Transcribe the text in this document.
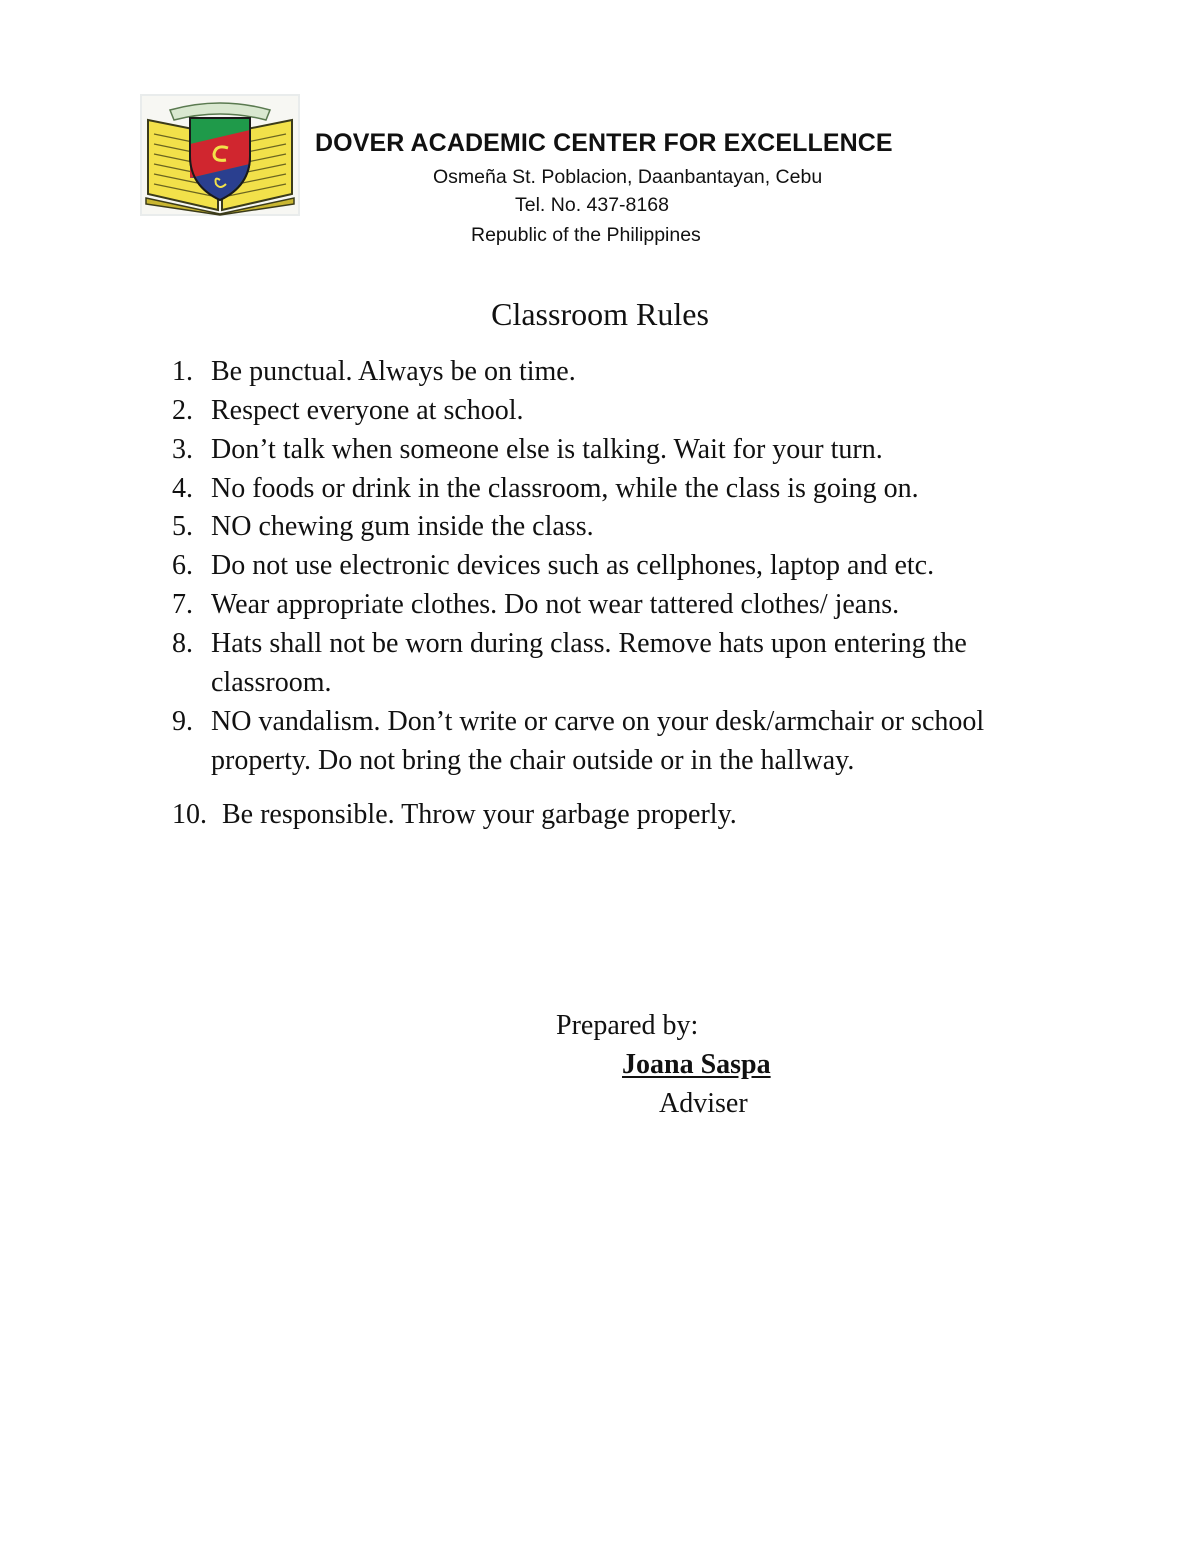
DOVER ACADEMIC CENTER FOR EXCELLENCE
Osmeña St. Poblacion, Daanbantayan, Cebu
Tel. No. 437-8168
Republic of the Philippines
Classroom Rules
1. Be punctual. Always be on time.
2. Respect everyone at school.
3. Don’t talk when someone else is talking. Wait for your turn.
4. No foods or drink in the classroom, while the class is going on.
5. NO chewing gum inside the class.
6. Do not use electronic devices such as cellphones, laptop and etc.
7. Wear appropriate clothes. Do not wear tattered clothes/ jeans.
8. Hats shall not be worn during class. Remove hats upon entering the classroom.
9. NO vandalism. Don’t write or carve on your desk/armchair or school property. Do not bring the chair outside or in the hallway.
10. Be responsible. Throw your garbage properly.
Prepared by:
Joana Saspa
Adviser
